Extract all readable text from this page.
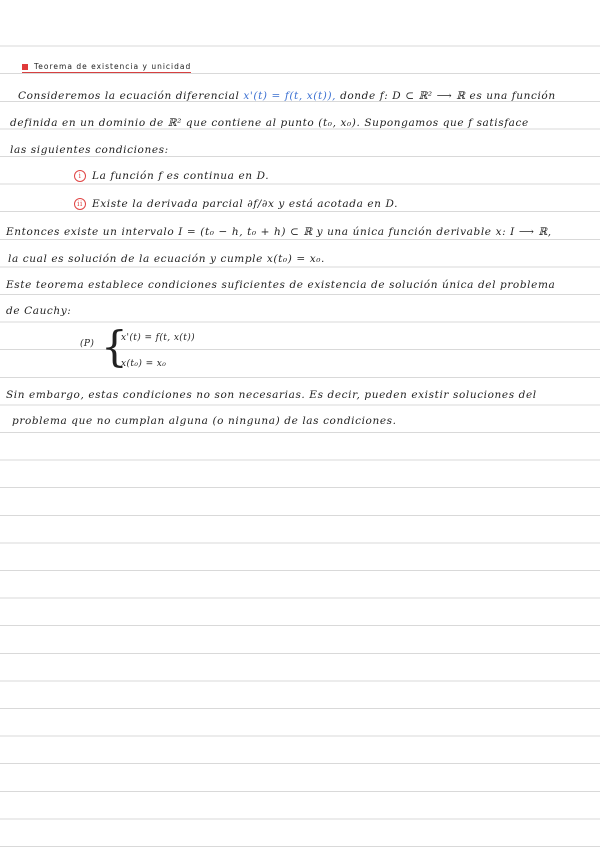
Teorema de existencia y unicidad
Consideremos la ecuación diferencial x'(t) = f(t, x(t)), donde f: D ⊂ ℝ² ⟶ ℝ es una función
definida en un dominio de ℝ² que contiene al punto (t₀, x₀). Supongamos que f satisface
las siguientes condiciones:
i La función f es continua en D.
ii Existe la derivada parcial ∂f/∂x y está acotada en D.
Entonces existe un intervalo I = (t₀ − h, t₀ + h) ⊂ ℝ y una única función derivable x: I ⟶ ℝ,
la cual es solución de la ecuación y cumple x(t₀) = x₀.
Este teorema establece condiciones suficientes de existencia de solución única del problema
de Cauchy:
(P) {
x'(t) = f(t, x(t))
x(t₀) = x₀
Sin embargo, estas condiciones no son necesarias. Es decir, pueden existir soluciones del
problema que no cumplan alguna (o ninguna) de las condiciones.
